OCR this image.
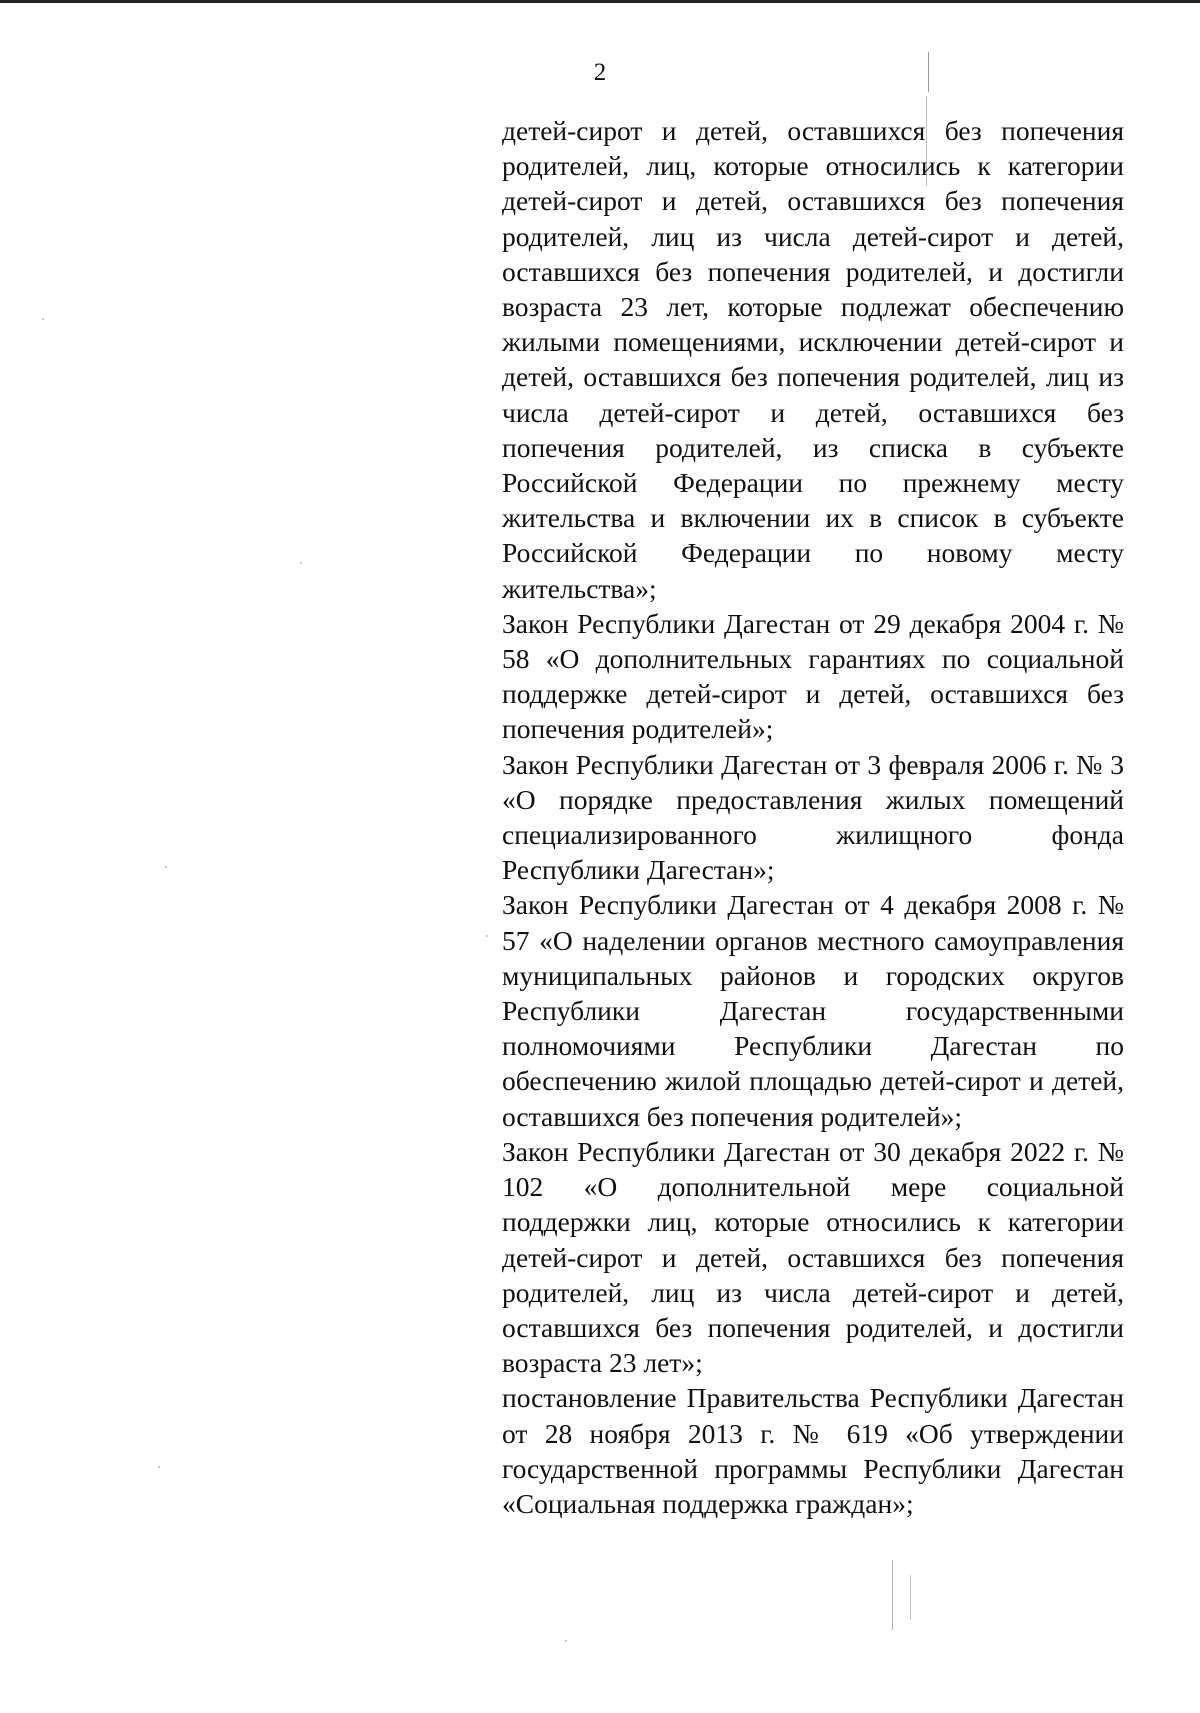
2

детей-сирот и детей, оставшихся без попечения родителей, лиц, которые относились к категории детей-сирот и детей, оставшихся без попечения родителей, лиц из числа детей-сирот и детей, оставшихся без попечения родителей, и достигли возраста 23 лет, которые подлежат обеспечению жилыми помещениями, исключении детей-сирот и детей, оставшихся без попечения родителей, лиц из числа детей-сирот и детей, оставшихся без попечения родителей, из списка в субъекте Российской Федерации по прежнему месту жительства и включении их в список в субъекте Российской Федерации по новому месту жительства»;

Закон Республики Дагестан от 29 декабря 2004 г. № 58 «О дополнительных гарантиях по социальной поддержке детей-сирот и детей, оставшихся без попечения родителей»;

Закон Республики Дагестан от 3 февраля 2006 г. № 3 «О порядке предоставления жилых помещений специализированного жилищного фонда Республики Дагестан»;

Закон Республики Дагестан от 4 декабря 2008 г. № 57 «О наделении органов местного самоуправления муниципальных районов и городских округов Республики Дагестан государственными полномочиями Республики Дагестан по обеспечению жилой площадью детей-сирот и детей, оставшихся без попечения родителей»;

Закон Республики Дагестан от 30 декабря 2022 г. № 102 «О дополнительной мере социальной поддержки лиц, которые относились к категории детей-сирот и детей, оставшихся без попечения родителей, лиц из числа детей-сирот и детей, оставшихся без попечения родителей, и достигли возраста 23 лет»;

постановление Правительства Республики Дагестан от 28 ноября 2013 г. № 619 «Об утверждении государственной программы Республики Дагестан «Социальная поддержка граждан»;
